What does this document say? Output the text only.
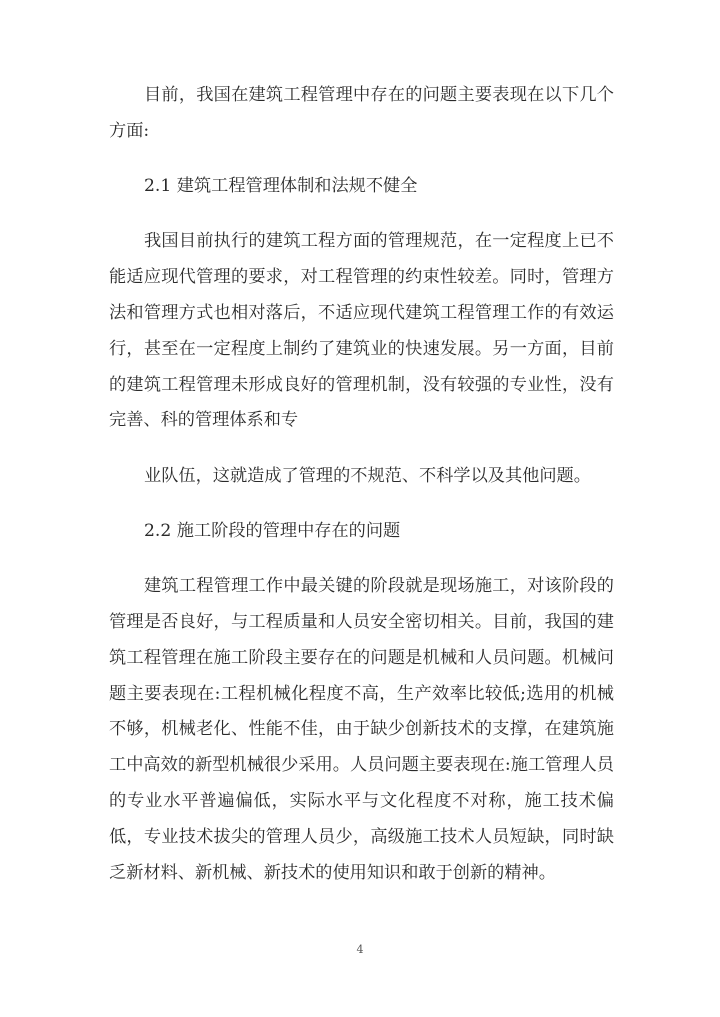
目前，我国在建筑工程管理中存在的问题主要表现在以下几个
方面:
2.1 建筑工程管理体制和法规不健全
我国目前执行的建筑工程方面的管理规范，在一定程度上已不
能适应现代管理的要求，对工程管理的约束性较差。同时，管理方
法和管理方式也相对落后，不适应现代建筑工程管理工作的有效运
行，甚至在一定程度上制约了建筑业的快速发展。另一方面，目前
的建筑工程管理未形成良好的管理机制，没有较强的专业性，没有
完善、科的管理体系和专
业队伍，这就造成了管理的不规范、不科学以及其他问题。
2.2 施工阶段的管理中存在的问题
建筑工程管理工作中最关键的阶段就是现场施工，对该阶段的
管理是否良好，与工程质量和人员安全密切相关。目前，我国的建
筑工程管理在施工阶段主要存在的问题是机械和人员问题。机械问
题主要表现在:工程机械化程度不高，生产效率比较低;选用的机械
不够，机械老化、性能不佳，由于缺少创新技术的支撑，在建筑施
工中高效的新型机械很少采用。人员问题主要表现在:施工管理人员
的专业水平普遍偏低，实际水平与文化程度不对称，施工技术偏
低，专业技术拔尖的管理人员少，高级施工技术人员短缺，同时缺
乏新材料、新机械、新技术的使用知识和敢于创新的精神。
4
